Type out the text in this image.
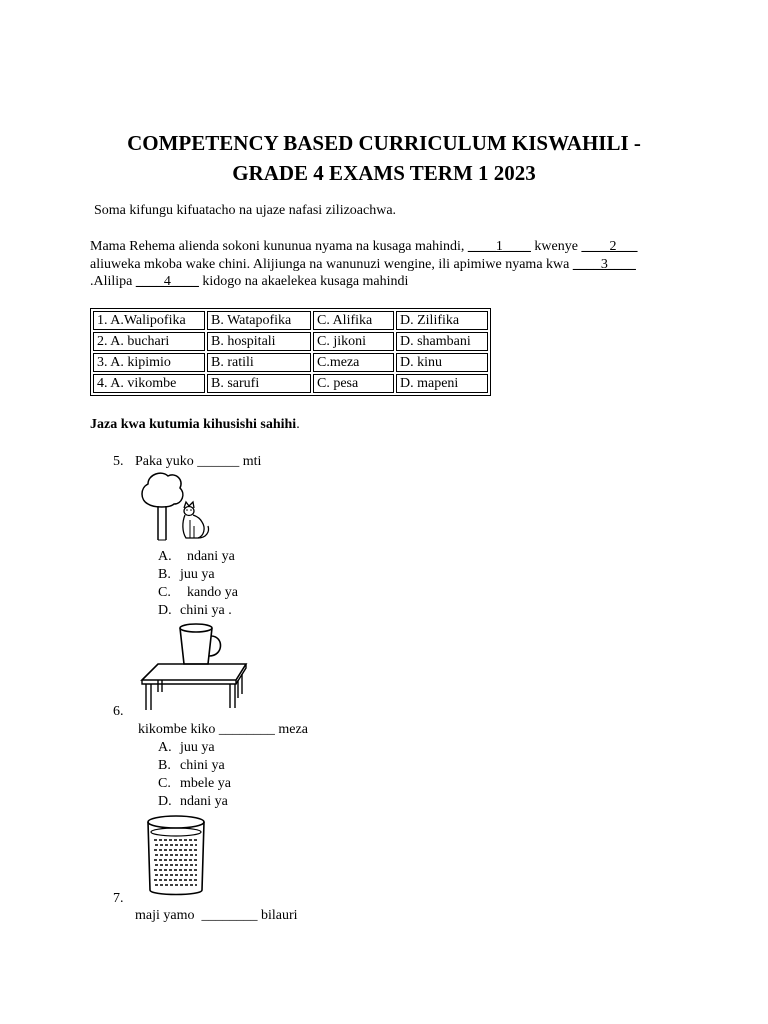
COMPETENCY BASED CURRICULUM KISWAHILI -
GRADE 4 EXAMS TERM 1 2023
Soma kifungu kifuatacho na ujaze nafasi zilizoachwa.
Mama Rehema alienda sokoni kununua nyama na kusaga mahindi, ____1____ kwenye ____2___
aliuweka mkoba wake chini. Alijiunga na wanunuzi wengine, ili apimiwe nyama kwa ____3____
.Alilipa ____4____ kidogo na akaelekea kusaga mahindi
1. A.Walipofika	B. Watapofika	C. Alifika	D. Zilifika
2. A. buchari	B. hospitali	C. jikoni	D. shambani
3. A. kipimio	B. ratili	C.meza	D. kinu
4. A. vikombe	B. sarufi	C. pesa	D. mapeni
Jaza kwa kutumia kihusishi sahihi.
5. Paka yuko ______ mti
A.  ndani ya
B. juu ya
C.  kando ya
D. chini ya .
6.
kikombe kiko ________ meza
A. juu ya
B. chini ya
C. mbele ya
D. ndani ya
7.
maji yamo  ________ bilauri
